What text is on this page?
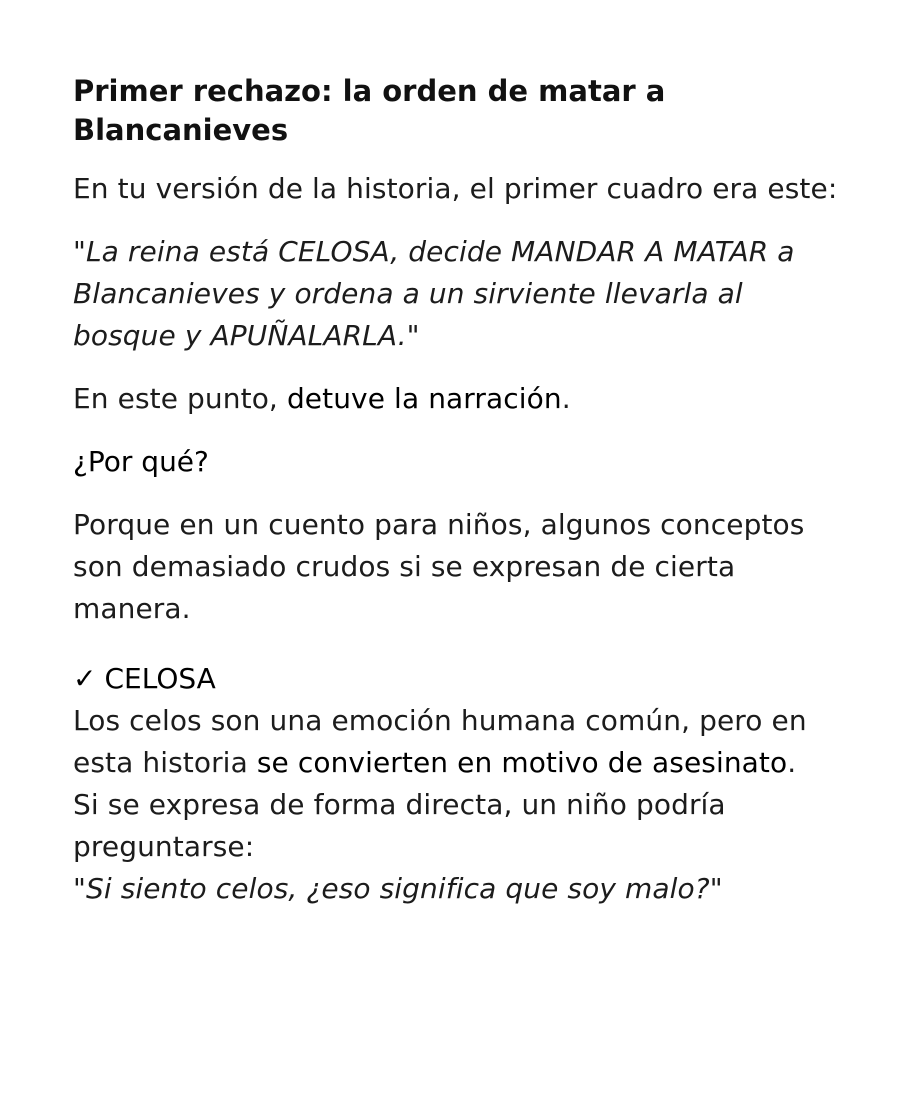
Primer rechazo: la orden de matar a Blancanieves

En tu versión de la historia, el primer cuadro era este:

"La reina está CELOSA, decide MANDAR A MATAR a Blancanieves y ordena a un sirviente llevarla al bosque y APUÑALARLA."

En este punto, detuve la narración.

¿Por qué?

Porque en un cuento para niños, algunos conceptos son demasiado crudos si se expresan de cierta manera.

✓ CELOSA
Los celos son una emoción humana común, pero en
esta historia se convierten en motivo de asesinato.
Si se expresa de forma directa, un niño podría preguntarse:
"Si siento celos, ¿eso significa que soy malo?"
